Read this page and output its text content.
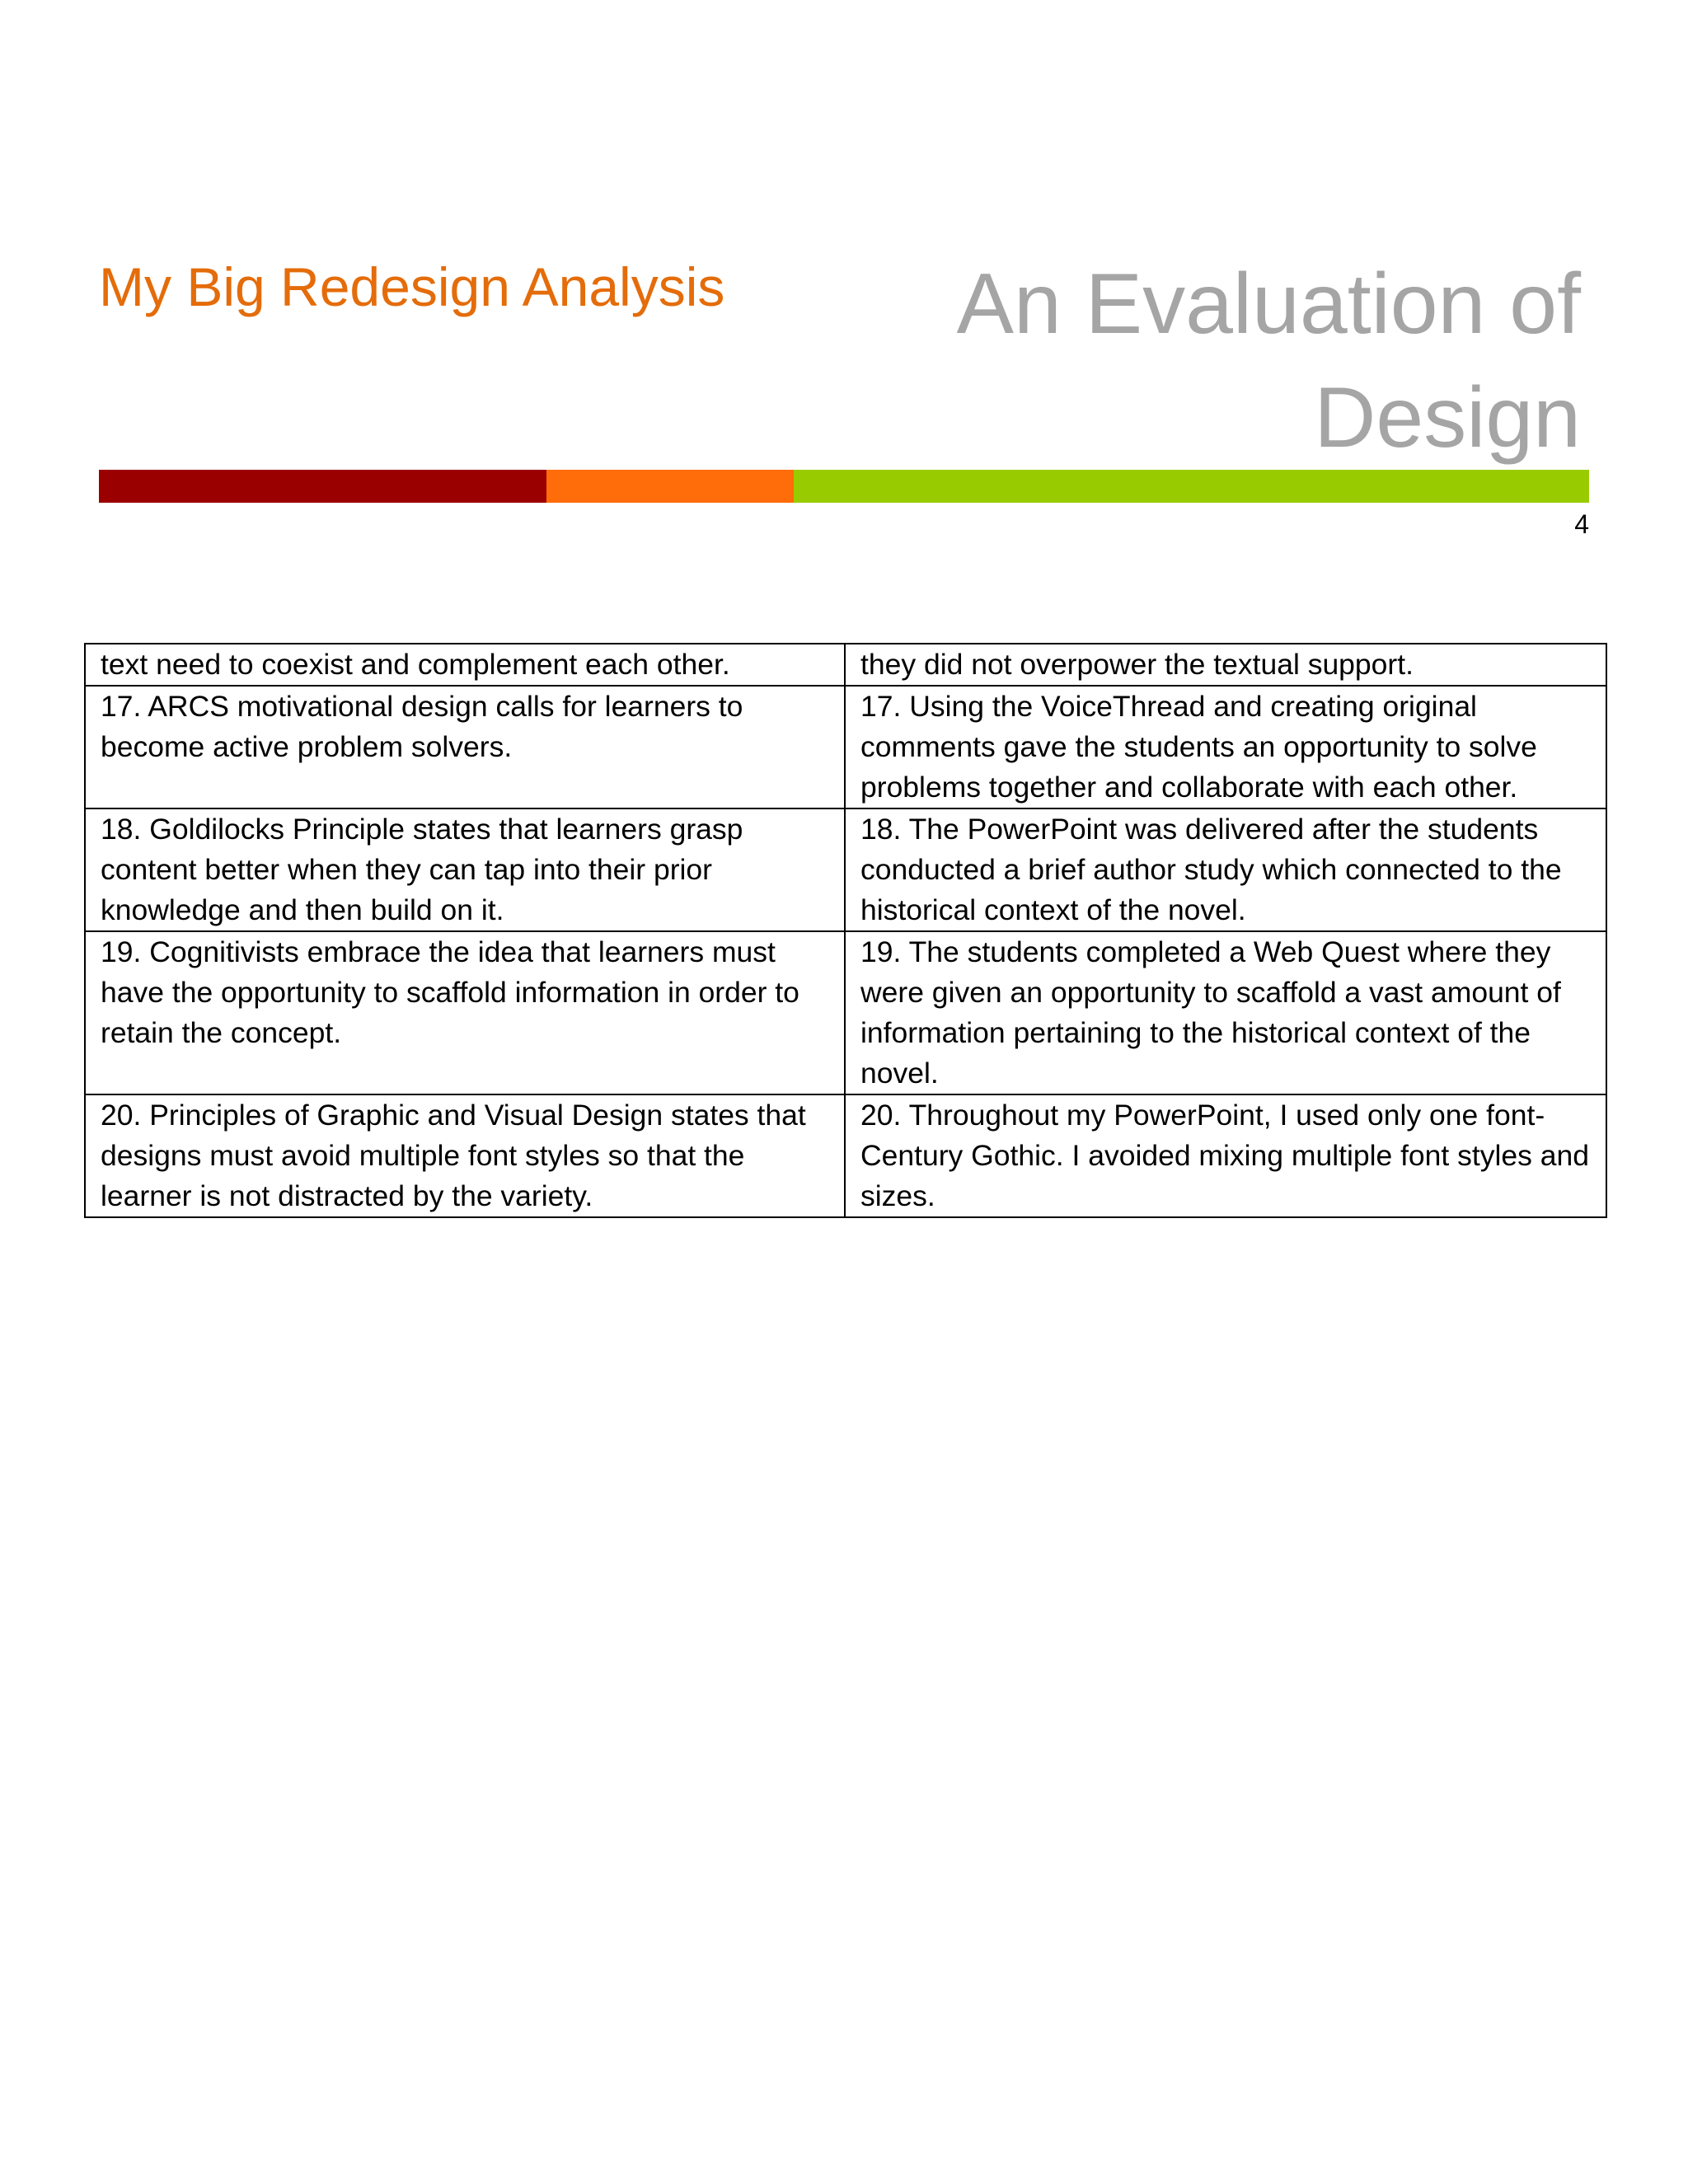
My Big Redesign Analysis	An Evaluation of Design
4
text need to coexist and complement each other.	they did not overpower the textual support.
17. ARCS motivational design calls for learners to become active problem solvers.	17. Using the VoiceThread and creating original comments gave the students an opportunity to solve problems together and collaborate with each other.
18. Goldilocks Principle states that learners grasp content better when they can tap into their prior knowledge and then build on it.	18. The PowerPoint was delivered after the students conducted a brief author study which connected to the historical context of the novel.
19. Cognitivists embrace the idea that learners must have the opportunity to scaffold information in order to retain the concept.	19. The students completed a Web Quest where they were given an opportunity to scaffold a vast amount of information pertaining to the historical context of the novel.
20. Principles of Graphic and Visual Design states that designs must avoid multiple font styles so that the learner is not distracted by the variety.	20. Throughout my PowerPoint, I used only one font- Century Gothic. I avoided mixing multiple font styles and sizes.
